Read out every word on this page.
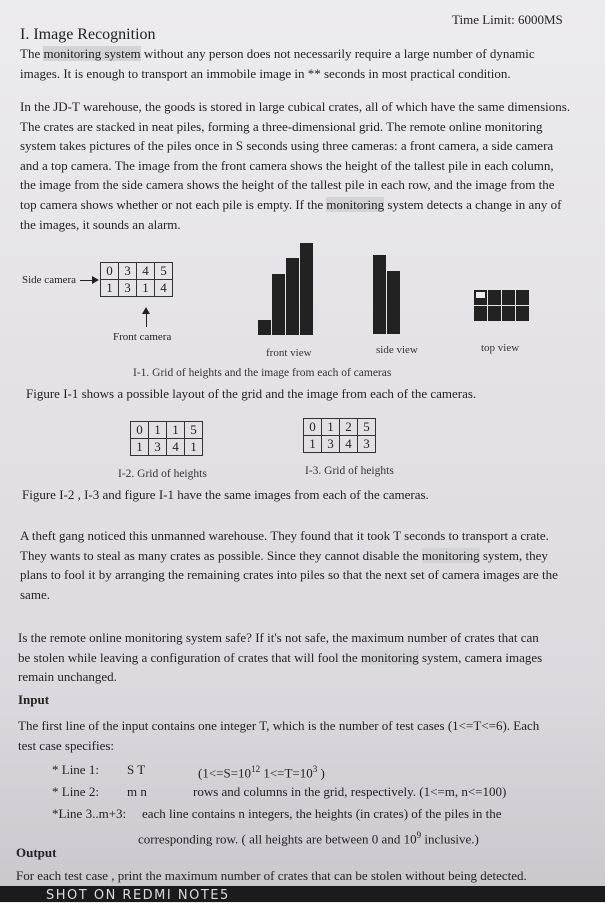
I. Image Recognition
Time Limit: 6000MS
The monitoring system without any person does not necessarily require a large number of dynamic
images. It is enough to transport an immobile image in ** seconds in most practical condition.
In the JD-T warehouse, the goods is stored in large cubical crates, all of which have the same dimensions.
The crates are stacked in neat piles, forming a three-dimensional grid. The remote online monitoring
system takes pictures of the piles once in S seconds using three cameras: a front camera, a side camera
and a top camera. The image from the front camera shows the height of the tallest pile in each column,
the image from the side camera shows the height of the tallest pile in each row, and the image from the
top camera shows whether or not each pile is empty. If the monitoring system detects a change in any of
the images, it sounds an alarm.
Side camera
0	3	4	5
1	3	1	4
Front camera
front view	side view	top view
I-1. Grid of heights and the image from each of cameras
Figure I-1 shows a possible layout of the grid and the image from each of the cameras.
0	1	1	5
1	3	4	1
0	1	2	5
1	3	4	3
I-2. Grid of heights	I-3. Grid of heights
Figure I-2 , I-3 and figure I-1 have the same images from each of the cameras.
A theft gang noticed this unmanned warehouse. They found that it took T seconds to transport a crate.
They wants to steal as many crates as possible. Since they cannot disable the monitoring system, they
plans to fool it by arranging the remaining crates into piles so that the next set of camera images are the
same.
Is the remote online monitoring system safe? If it's not safe, the maximum number of crates that can
be stolen while leaving a configuration of crates that will fool the monitoring system, camera images
remain unchanged.
Input
The first line of the input contains one integer T, which is the number of test cases (1<=T<=6). Each
test case specifies:
* Line 1: S T	($1<=S=10^{12}$ $1<=T=10^3$ )
* Line 2: m n	rows and columns in the grid, respectively. (1<=m, n<=100)
*Line 3..m+3: each line contains n integers, the heights (in crates) of the piles in the
corresponding row. ( all heights are between 0 and $10^9$ inclusive.)
Output
For each test case , print the maximum number of crates that can be stolen without being detected.
SHOT ON REDMI NOTE5
